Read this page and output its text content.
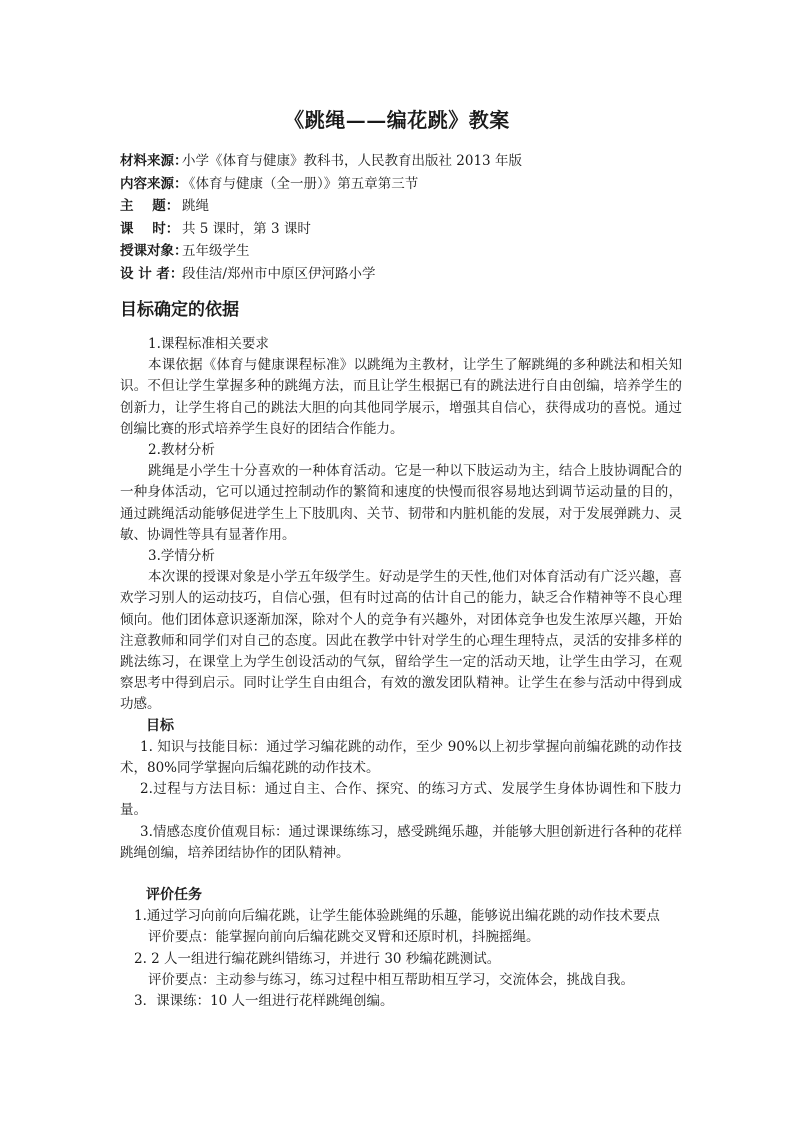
《跳绳——编花跳》教案
材料来源：小学《体育与健康》教科书，人民教育出版社 2013 年版
内容来源：《体育与健康（全一册）》第五章第三节
主    题： 跳绳
课    时： 共 5 课时，第 3 课时
授课对象：五年级学生
设 计 者：段佳洁/郑州市中原区伊河路小学
目标确定的依据
1.课程标准相关要求

本课依据《体育与健康课程标准》以跳绳为主教材，让学生了解跳绳的多种跳法和相关知识。不但让学生掌握多种的跳绳方法，而且让学生根据已有的跳法进行自由创编，培养学生的创新力，让学生将自己的跳法大胆的向其他同学展示，增强其自信心，获得成功的喜悦。通过创编比赛的形式培养学生良好的团结合作能力。

2.教材分析

跳绳是小学生十分喜欢的一种体育活动。它是一种以下肢运动为主，结合上肢协调配合的一种身体活动，它可以通过控制动作的繁简和速度的快慢而很容易地达到调节运动量的目的，通过跳绳活动能够促进学生上下肢肌肉、关节、韧带和内脏机能的发展，对于发展弹跳力、灵敏、协调性等具有显著作用。

3.学情分析

本次课的授课对象是小学五年级学生。好动是学生的天性,他们对体育活动有广泛兴趣，喜欢学习别人的运动技巧，自信心强，但有时过高的估计自己的能力，缺乏合作精神等不良心理倾向。他们团体意识逐渐加深，除对个人的竞争有兴趣外，对团体竞争也发生浓厚兴趣，开始注意教师和同学们对自己的态度。因此在教学中针对学生的心理生理特点，灵活的安排多样的跳法练习，在课堂上为学生创设活动的气氛，留给学生一定的活动天地，让学生由学习，在观察思考中得到启示。同时让学生自由组合，有效的激发团队精神。让学生在参与活动中得到成功感。

目标

1. 知识与技能目标：通过学习编花跳的动作，至少 90%以上初步掌握向前编花跳的动作技术，80%同学掌握向后编花跳的动作技术。

2.过程与方法目标：通过自主、合作、探究、的练习方式、发展学生身体协调性和下肢力量。

3.情感态度价值观目标：通过课课练练习，感受跳绳乐趣，并能够大胆创新进行各种的花样跳绳创编，培养团结协作的团队精神。

评价任务

1.通过学习向前向后编花跳，让学生能体验跳绳的乐趣，能够说出编花跳的动作技术要点

评价要点：能掌握向前向后编花跳交叉臂和还原时机，抖腕摇绳。

2. 2 人一组进行编花跳纠错练习，并进行 30 秒编花跳测试。

评价要点：主动参与练习，练习过程中相互帮助相互学习，交流体会，挑战自我。

3．课课练：10 人一组进行花样跳绳创编。
